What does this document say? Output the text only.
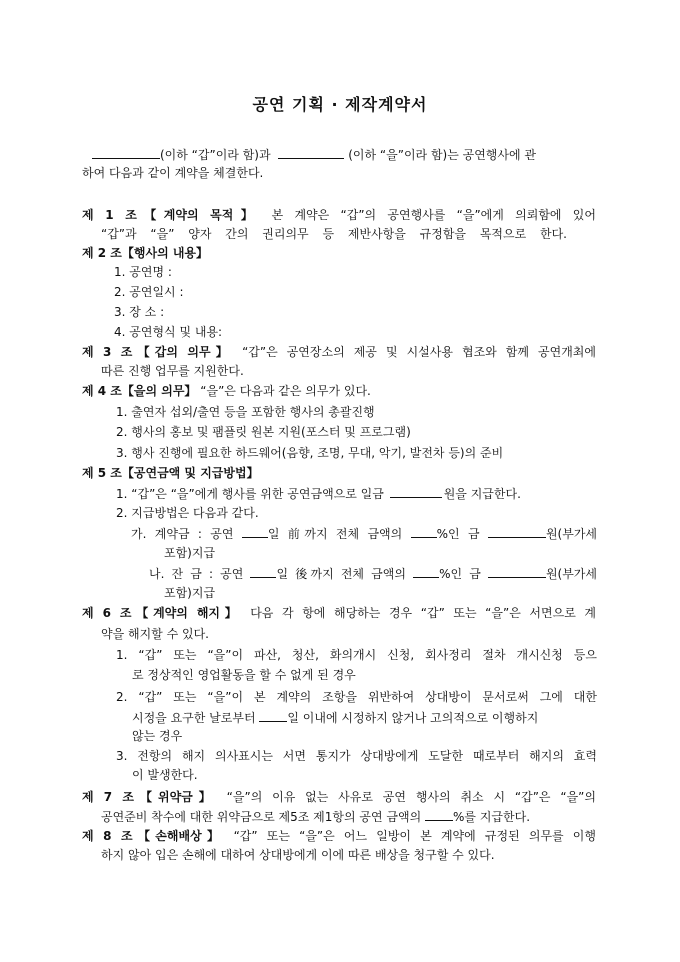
공연 기획 · 제작계약서
(이하 “갑”이라 함)과	(이하 “을”이라 함)는 공연행사에 관
하여 다음과 같이 계약을 체결한다.
제 1 조【계약의 목적】 본 계약은 “갑”의 공연행사를 “을”에게 의뢰함에 있어
“갑”과 “을” 양자 간의 권리의무 등 제반사항을 규정함을 목적으로 한다.
제 2 조【행사의 내용】
1. 공연명 :
2. 공연일시 :
3. 장 소 :
4. 공연형식 및 내용:
제 3 조【갑의 의무】 “갑”은 공연장소의 제공 및 시설사용 협조와 함께 공연개최에
따른 진행 업무를 지원한다.
제 4 조【을의 의무】 “을”은 다음과 같은 의무가 있다.
1. 출연자 섭외/출연 등을 포함한 행사의 총괄진행
2. 행사의 홍보 및 팸플릿 원본 지원(포스터 및 프로그램)
3. 행사 진행에 필요한 하드웨어(음향, 조명, 무대, 악기, 발전차 등)의 준비
제 5 조【공연금액 및 지급방법】
1. “갑”은 “을”에게 행사를 위한 공연금액으로 일금	원을 지급한다.
2. 지급방법은 다음과 같다.
가. 계약금 : 공연	일 前까지 전체 금액의	%인 금	원(부가세
포함)지급
나. 잔 금 : 공연	일 後까지 전체 금액의	%인 금	원(부가세
포함)지급
제 6 조【계약의 해지】 다음 각 항에 해당하는 경우 “갑” 또는 “을”은 서면으로 계
약을 해지할 수 있다.
1. “갑” 또는 “을”이 파산, 청산, 화의개시 신청, 회사정리 절차 개시신청 등으
로 정상적인 영업활동을 할 수 없게 된 경우
2. “갑” 또는 “을”이 본 계약의 조항을 위반하여 상대방이 문서로써 그에 대한
시정을 요구한 날로부터	일 이내에 시정하지 않거나 고의적으로 이행하지
않는 경우
3. 전항의 해지 의사표시는 서면 통지가 상대방에게 도달한 때로부터 해지의 효력
이 발생한다.
제 7 조【위약금】 “을”의 이유 없는 사유로 공연 행사의 취소 시 “갑”은 “을”의
공연준비 착수에 대한 위약금으로 제5조 제1항의 공연 금액의	%를 지급한다.
제 8 조【손해배상】 “갑” 또는 “을”은 어느 일방이 본 계약에 규정된 의무를 이행
하지 않아 입은 손해에 대하여 상대방에게 이에 따른 배상을 청구할 수 있다.
